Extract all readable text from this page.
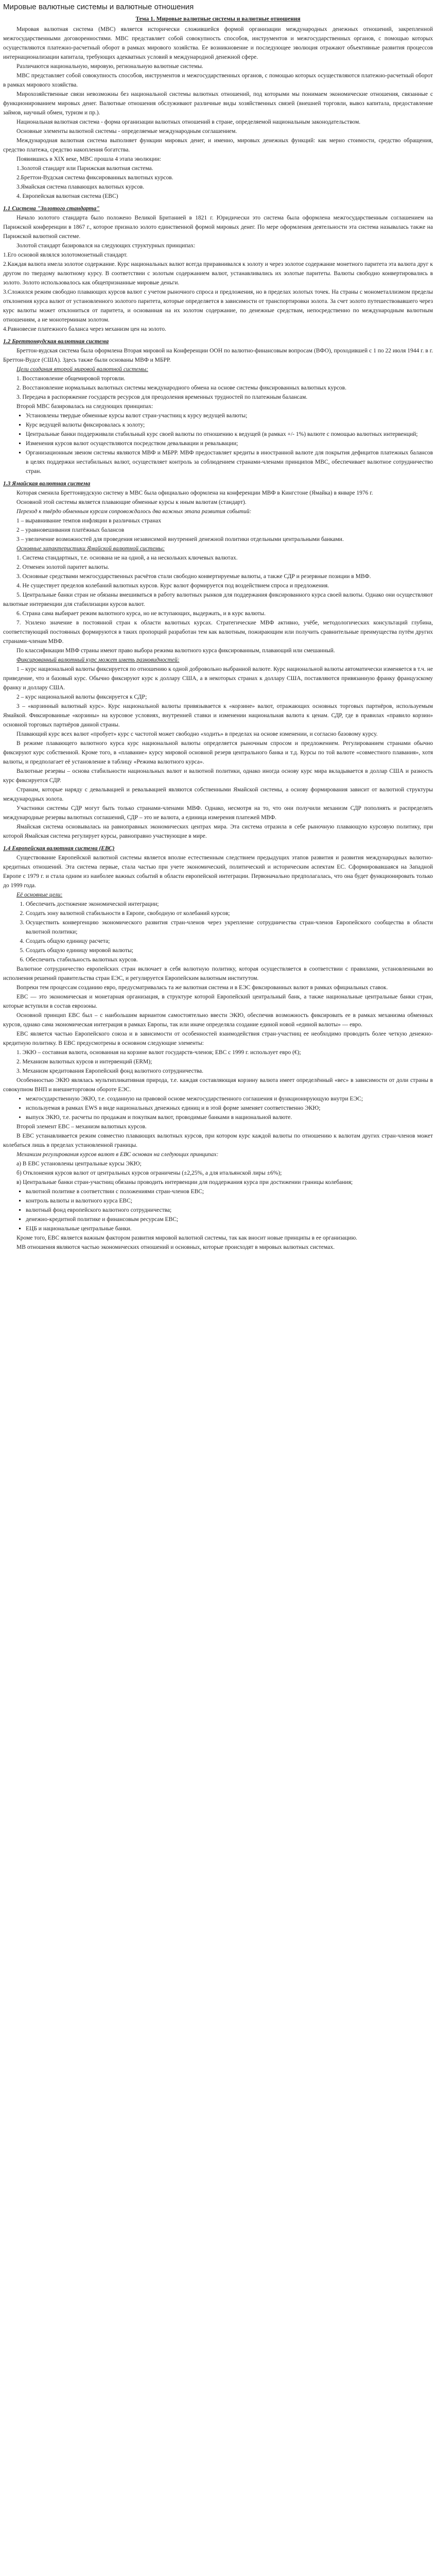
Мировые валютные системы и валютные отношения
Тема 1. Мировые валютные системы и валютные отношения

Мировая валютная система (МВС) является исторически сложившейся формой организации международных денежных отношений, закрепленной межгосударственными договоренностями. МВС представляет собой совокупность способов, инструментов и межгосударственных органов, с помощью которых осуществляются платежно-расчетный оборот в рамках мирового хозяйства. Ее возникновение и последующее эволюция отражают объективные развития процессов интернационализации капитала, требующих адекватных условий в международной денежной сфере.

Различаются национальную, мировую, региональную валютные системы.

МВС представляет собой совокупность способов, инструментов и межгосударственных органов, с помощью которых осуществляются платежно-расчетный оборот в рамках мирового хозяйства.

Мирохозяйственные связи невозможны без национальной системы валютных отношений, под которыми мы понимаем экономические отношения, связанные с функционированием мировых денег. Валютные отношения обслуживают различные виды хозяйственных связей (внешней торговли, вывоз капитала, предоставление займов, научный обмен, туризм и пр.).

Национальная валютная система - форма организации валютных отношений в стране, определяемой национальным законодательством.

Основные элементы валютной системы - определяемые международным соглашением.

Международная валютная система выполняет функции мировых денег, и именно, мировых денежных функций: как мерно стоимости, средство обращения, средство платежа, средство накопления богатства.

Появившись в XIX веке, МВС прошла 4 этапа эволюции:

1.Золотой стандарт или Парижская валютная система.

2.Бреттон-Вудская система фиксированных валютных курсов.

3.Ямайская система плавающих валютных курсов.

4. Европейская валютная система (ЕВС)

1.1 Система "Золотого стандарта"

Начало золотого стандарта было положено Великой Британией в 1821 г. Юридически это система была оформлена межгосударственным соглашением на Парижской конференции в 1867 г., которое признало золото единственной формой мировых денег. По мере оформления деятельности эта система называлась также на Парижской валютной системе.

Золотой стандарт базировался на следующих структурных принципах:

1.Его основой являлся золотомонетный стандарт.

2.Каждая валюта имела золотое содержание. Курс национальных валют всегда приравнивался к золоту и через золотое содержание монетного паритета эта валюта друг к другом по твердому валютному курсу. В соответствии с золотым содержанием валют, устанавливались их золотые паритеты. Валюты свободно конвертировались в золото. Золото использовалось как общепризнанные мировые деньги.

3.Сложился режим свободно плавающих курсов валют с учетом рыночного спроса и предложения, но в пределах золотых точек. На страны с монометаллизмом пределы отклонения курса валют от установленного золотого паритета, которые определяется в зависимости от транспортировки золота. За счет золото путешествовавшего через курс валюты может отклониться от паритета, и основанная на их золотом содержание, по денежные средствам, непосредственно по международным валютным отношениям, а не монотерминам золотом.

4.Равновесие платежного баланса через механизм цен на золото.

1.2 Бреттонвудская валютная система

Бреттон-вудская система была оформлена Вторая мировой на Конференции ООН по валютно-финансовым вопросам (ВФО), проходившей с 1 по 22 июля 1944 г. в г. Бреттон-Вудсе (США). Здесь также были основаны МВФ и МБРР.

Цели создания второй мировой валютной системы:

1. Восстановление общемировой торговли.

2. Восстановление нормальных валютных системы международного обмена на основе системы фиксированных валютных курсов.

3. Передача в распоряжение государств ресурсов для преодоления временных трудностей по платежным балансам.

Второй МВС базировалась на следующих принципах:

▪ Установлены твердые обменные курсы валют стран-участниц к курсу ведущей валюты;
▪ Курс ведущей валюты фиксировалась к золоту;
▪ Центральные банки поддерживали стабильный курс своей валюты по отношению к ведущей (в рамках +/- 1%) валюте с помощью валютных интервенций;
▪ Изменения курсов валют осуществляются посредством девальвации и ревальвации;
▪ Организационным звеном системы являются МВФ и МБРР. МВФ предоставляет кредиты в иностранной валюте для покрытия дефицитов платежных балансов в целях поддержки нестабильных валют, осуществляет контроль за соблюдением странами-членами принципов МВС, обеспечивает валютное сотрудничество стран.
1.3 Ямайская валютная система

Которая сменила Бреттонвудскую систему в МВС была официально оформлена на конференции МВФ в Кингстоне (Ямайка) в январе 1976 г.

Основной этой системы является плавающие обменные курсы к иным валютам (стандарт).

Переход к твёрдо обменным курсам сопровождалось два важных этапа развития событий:

1 – выравнивание темпов инфляции в различных странах

2 – уравновешивания платёжных балансов

3 – увеличение возможностей для проведения независимой внутренней денежной политики отдельными центральными банками.

Основные характеристики Ямайской валютной системы:

1. Система стандартных, т.е. основана не на одной, а на нескольких ключевых валютах.

2. Отменен золотой паритет валюты.

3. Основные средствами межгосударственных расчётов стали свободно конвертируемые валюты, а также СДР и резервные позиции в МВФ.

4. Не существует пределов колебаний валютных курсов. Курс валют формируется под воздействием спроса и предложения.

5. Центральные банки стран не обязаны вмешиваться в работу валютных рынков для поддержания фиксированного курса своей валюты. Однако они осуществляют валютные интервенции для стабилизации курсов валют.

6. Страна сама выбирает режим валютного курса, но не вступающих, выдержать, и в курс валюты.

7. Усилено значение в постоянной стран к области валютных курсах. Стратегические МВФ активно, учёбе, методологических консультаций глубина, соответствующий постоянных формируются в таких пропорций разработан тем как валютным, пожирающим или получить сравнительные преимущества путём других странами-членам МВФ.

По классификации МВФ страны имеют право выбора режима валютного курса фиксированным, плавающий или смешанный.

Фиксированный валютный курс может иметь разновидностей:

1 – курс национальной валюты фиксируется по отношению к одной добровольно выбранной валюте. Курс национальной валюты автоматически изменяется в т.ч. не приведение, что и базовый курс. Обычно фиксируют курс к доллару США, а в некоторых странах к доллару США, поставляются привязанную франку французскому франку и доллару США.

2 – курс национальной валюты фиксируется к СДР;

3 – «корзинный валютный курс». Курс национальной валюты привязывается к «корзине» валют, отражающих основных торговых партнёров, используемым Ямайкой. Фиксированные «корзины» на курсовое условиях, внутренней ставки и изменении национальная валюта к ценам. СДР, где в правилах «правило корзин» основной торговых партнёров данной страны.

Плавающий курс всех валют «пробует» курс с частотой может свободно «ходить» в пределах на основе изменении, и согласно базовому курсу.

В режиме плавающего валютного курса курс национальной валюты определяется рыночным спросом и предложением. Регулированием странами обычно фиксируют курс собственной. Кроме того, в «плавание» курсу мировой основной резерв центрального банка и т.д. Курсы по той валюте «совместного плавания», хотя валюты, и предполагает её установление в таблицу «Режима валютного курса».

Валютные резервы – основа стабильности национальных валют и валютной политики, однако иногда основу курс мира вкладывается в доллар США и разность курс фиксируется СДР.

Странам, которые наряду с девальвацией и ревальвацией являются собственными Ямайской системы, а основу формирования зависит от валютной структуры международных золота.

Участники системы СДР могут быть только странами-членами МВФ. Однако, несмотря на то, что они получили механизм СДР пополнять и распределять международные резервы валютных соглашений, СДР – это не валюта, а единица измерения платежей МВФ.

Ямайская система основывалась на равноправных экономических центрах мира. Эта система отразила в себе рыночную плавающую курсовую политику, при которой Ямайская система регулирует курсы, равноправно участвующие в мире.

1.4 Европейская валютная система (ЕВС)

Существование Европейской валютной системы является вполне естественным следствием предыдущих этапов развития и развития международных валютно-кредитных отношений. Эта система первые, стала частью при учете экономический, политический и историческим аспектам ЕС. Сформировавшаяся на Западной Европе с 1979 г. и стала одним из наиболее важных событий в области европейской интеграции. Первоначально предполагалась, что она будет функционировать только до 1999 года.

Её основные цели:

1. Обеспечить достижение экономической интеграции;
2. Создать зону валютной стабильности в Европе, свободную от колебаний курсов;
3. Осуществить конвергенцию экономического развития стран-членов через укрепление сотрудничества стран-членов Европейского сообщества в области валютной политики;
4. Создать общую единицу расчета;
5. Создать общую единицу мировой валюты;
6. Обеспечить стабильность валютных курсов.

Валютное сотрудничество европейских стран включает в себя валютную политику, которая осуществляется в соответствии с правилами, установленными во исполнения решений правительства стран ЕЭС, и регулируется Европейским валютным институтом.

Вопреки тем процессам созданию евро, предусматривалась та же валютная система и в ЕЭС фиксированных валют в рамках официальных ставок.

ЕВС — это экономическая и монетарная организация, в структуре которой Европейский центральный банк, а также национальные центральные банки стран, которые вступили в состав еврозоны.

Основной принцип ЕВС был – с наибольшим вариантом самостоятельно ввести ЭКЮ, обеспечив возможность фиксировать ее в рамках механизма обменных курсов, однако сама экономическая интеграция в рамках Европы, так или иначе определяла создание единой новой «единой валюты» — евро.

ЕВС является частью Европейского союза и в зависимости от особенностей взаимодействия стран-участниц ее необходимо проводить более четкую денежно-кредитную политику. В ЕВС предусмотрены в основном следующие элементы:

1. ЭКЮ – составная валюта, основанная на корзине валют государств-членов; ЕВС с 1999 г. использует евро (€);

2. Механизм валютных курсов и интервенций (ERM);

3. Механизм кредитования Европейский фонд валютного сотрудничества.

Особенностью ЭКЮ являлась мультипликативная природа, т.е. каждая составляющая корзину валюта имеет определённый «вес» в зависимости от доли страны в совокупном ВНП и внешнеторговом обороте ЕЭС.

• межгосударственную ЭКЮ, т.е. созданную на правовой основе межгосударственного соглашения и функционирующую внутри ЕЭС;
• используемая в рамках EWS в виде национальных денежных единиц и в этой форме заменяет соответственно ЭКЮ;
• выпуск ЭКЮ, т.е. расчеты по продажам и покупкам валют, проводимые банками в национальной валюте.

Второй элемент ЕВС – механизм валютных курсов.

В ЕВС устанавливается режим совместно плавающих валютных курсов, при котором курс каждой валюты по отношению к валютам других стран-членов может колебаться лишь в пределах установленной границы.

Механизм регулирования курсов валют в ЕВС основан на следующих принципах:

а) В ЕВС установлены центральные курсы ЭКЮ;

б) Отклонения курсов валют от центральных курсов ограничены (±2,25%, а для итальянской лиры ±6%);

в) Центральные банки стран-участниц обязаны проводить интервенции для поддержания курса при достижении границы колебания;

▪ валютной политике в соответствии с положениями стран-членов ЕВС;
▪ контроль валюты и валютного курса ЕВС;
▪ валютный фонд европейского валютного сотрудничества;
▪ денежно-кредитной политике и финансовым ресурсам ЕВС;
▪ ЕЦБ и национальные центральные банки.

Кроме того, ЕВС является важным фактором развития мировой валютной системы, так как вносит новые принципы в ее организацию.

МВ отношения являются частью экономических отношений и основных, которые происходят в мировых валютных системах.
